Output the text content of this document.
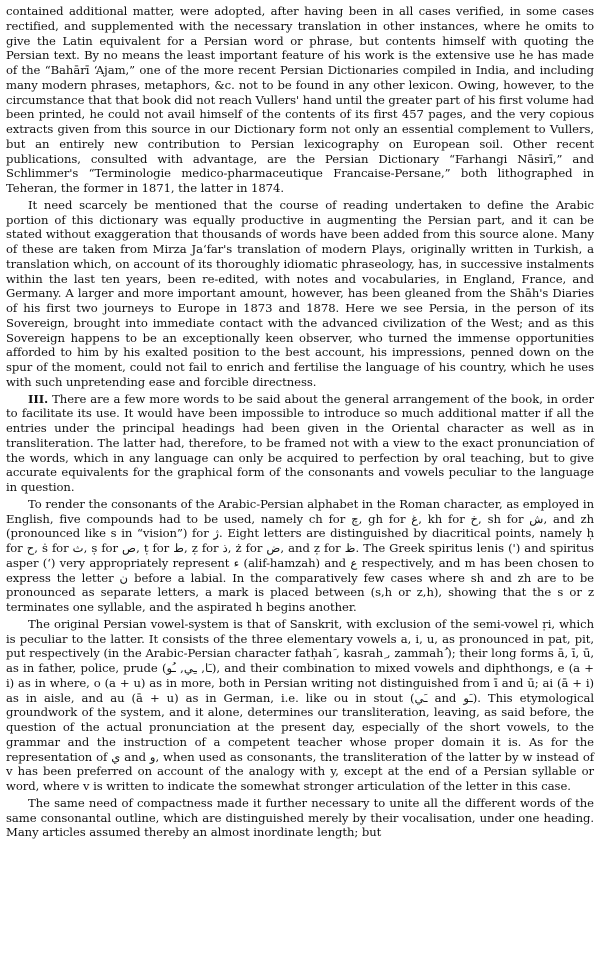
contained additional matter, were adopted, after having been in all cases verified, in some cases rectified, and supplemented with the necessary translation in other instances, where he omits to give the Latin equivalent for a Persian word or phrase, but contents himself with quoting the Persian text. By no means the least important feature of his work is the extensive use he has made of the “Bahārī ‘Ajam,” one of the more recent Persian Dictionaries compiled in India, and including many modern phrases, metaphors, &c. not to be found in any other lexicon. Owing, however, to the circumstance that that book did not reach Vullers' hand until the greater part of his first volume had been printed, he could not avail himself of the contents of its first 457 pages, and the very copious extracts given from this source in our Dictionary form not only an essential complement to Vullers, but an entirely new contribution to Persian lexicography on European soil. Other recent publications, consulted with advantage, are the Persian Dictionary “Farhangi Nāsirī,” and Schlimmer's “Terminologie medico-pharmaceutique Francaise-Persane,” both lithographed in Teheran, the former in 1871, the latter in 1874.

It need scarcely be mentioned that the course of reading undertaken to define the Arabic portion of this dictionary was equally productive in augmenting the Persian part, and it can be stated without exaggeration that thousands of words have been added from this source alone. Many of these are taken from Mirza Ja‘far's translation of modern Plays, originally written in Turkish, a translation which, on account of its thoroughly idiomatic phraseology, has, in successive instalments within the last ten years, been re-edited, with notes and vocabularies, in England, France, and Germany. A larger and more important amount, however, has been gleaned from the Shāh's Diaries of his first two journeys to Europe in 1873 and 1878. Here we see Persia, in the person of its Sovereign, brought into immediate contact with the advanced civilization of the West; and as this Sovereign happens to be an exceptionally keen observer, who turned the immense opportunities afforded to him by his exalted position to the best account, his impressions, penned down on the spur of the moment, could not fail to enrich and fertilise the language of his country, which he uses with such unpretending ease and forcible directness.

III. There are a few more words to be said about the general arrangement of the book, in order to facilitate its use. It would have been impossible to introduce so much additional matter if all the entries under the principal headings had been given in the Oriental character as well as in transliteration. The latter had, therefore, to be framed not with a view to the exact pronunciation of the words, which in any language can only be acquired to perfection by oral teaching, but to give accurate equivalents for the graphical form of the consonants and vowels peculiar to the language in question.

To render the consonants of the Arabic-Persian alphabet in the Roman character, as employed in English, five compounds had to be used, namely ch for چ, gh for غ, kh for خ, sh for ش, and zh (pronounced like s in “vision”) for ژ. Eight letters are distinguished by diacritical points, namely ḥ for ح, ṡ for ث, ṣ for ص, ṭ for ط, ẓ for ذ, ż for ض, and ẓ for ظ. The Greek spiritus lenis (') and spiritus asper (‘) very appropriately represent ء (alif-hamzah) and ع respectively, and m has been chosen to express the letter ن before a labial. In the comparatively few cases where sh and zh are to be pronounced as separate letters, a mark is placed between (s,h or z,h), showing that the s or z terminates one syllable, and the aspirated h begins another.

The original Persian vowel-system is that of Sanskrit, with exclusion of the semi-vowel ṛi, which is peculiar to the latter. It consists of the three elementary vowels a, i, u, as pronounced in pat, pit, put respectively (in the Arabic-Persian character fatḥah َ, kasrah ِ, zammah ُ); their long forms ā, ī, ū, as in father, police, prude (ـَا, ـِي, ـُو), and their combination to mixed vowels and diphthongs, e (a + i) as in where, o (a + u) as in more, both in Persian writing not distinguished from ī and ū; ai (ā + i) as in aisle, and au (ā + u) as in German, i.e. like ou in stout (ـَي and ـَو). This etymological groundwork of the system, and it alone, determines our transliteration, leaving, as said before, the question of the actual pronunciation at the present day, especially of the short vowels, to the grammar and the instruction of a competent teacher whose proper domain it is. As for the representation of ي and و, when used as consonants, the transliteration of the latter by w instead of v has been preferred on account of the analogy with y, except at the end of a Persian syllable or word, where v is written to indicate the somewhat stronger articulation of the letter in this case.

The same need of compactness made it further necessary to unite all the different words of the same consonantal outline, which are distinguished merely by their vocalisation, under one heading. Many articles assumed thereby an almost inordinate length; but
